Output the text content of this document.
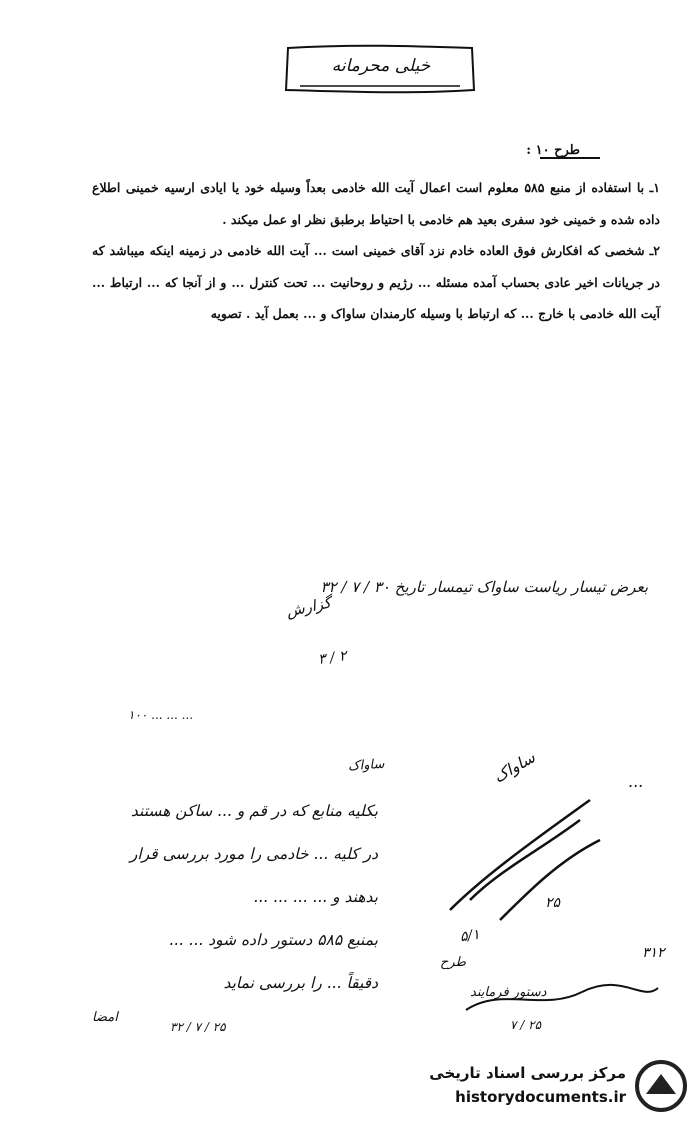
خیلی محرمانه
طرح ۱۰ :

۱ـ با استفاده از منبع ۵۸۵ معلوم است اعمال آیت الله خادمی بعداً وسیله خود یا ایادی ارسیه خمینی اطلاع داده شده و خمینی خود سفری بعید هم خادمی با احتیاط برطبق نظر او عمل میکند .

۲ـ شخصی که افکارش فوق العاده خادم نزد آقای خمینی است ... آیت الله خادمی در زمینه اینکه میباشد که در جریانات اخیر عادی بحساب آمده مسئله ... رژیم و روحانیت ... تحت کنترل ... و از آنجا که ... ارتباط ... آیت الله خادمی با خارج ... که ارتباط با وسیله کارمندان ساواک و ... بعمل آید . تصویه

بعرض تیسار ریاست ساواک تیمسار تاریخ ۳۰ / ۷ / ۳۲
گزارش
۲ / ۳
... ... ... ۱۰۰
ساواک
بکلیه منابع که در قم و ... ساکن هستند
در کلیه ... خادمی را مورد بررسی قرار
بدهند و ... ... ... ...
بمنبع ۵۸۵ دستور داده شود ... ...
دقیقاً ... را بررسی نماید
ساواک
۲۵
۵/۱
طرح
۳۱۲
دستور فرمایند
۲۵ / ۷
امضا
۲۵ / ۷ / ۳۲
...
مرکز بررسی اسناد تاریخی
historydocuments.ir
